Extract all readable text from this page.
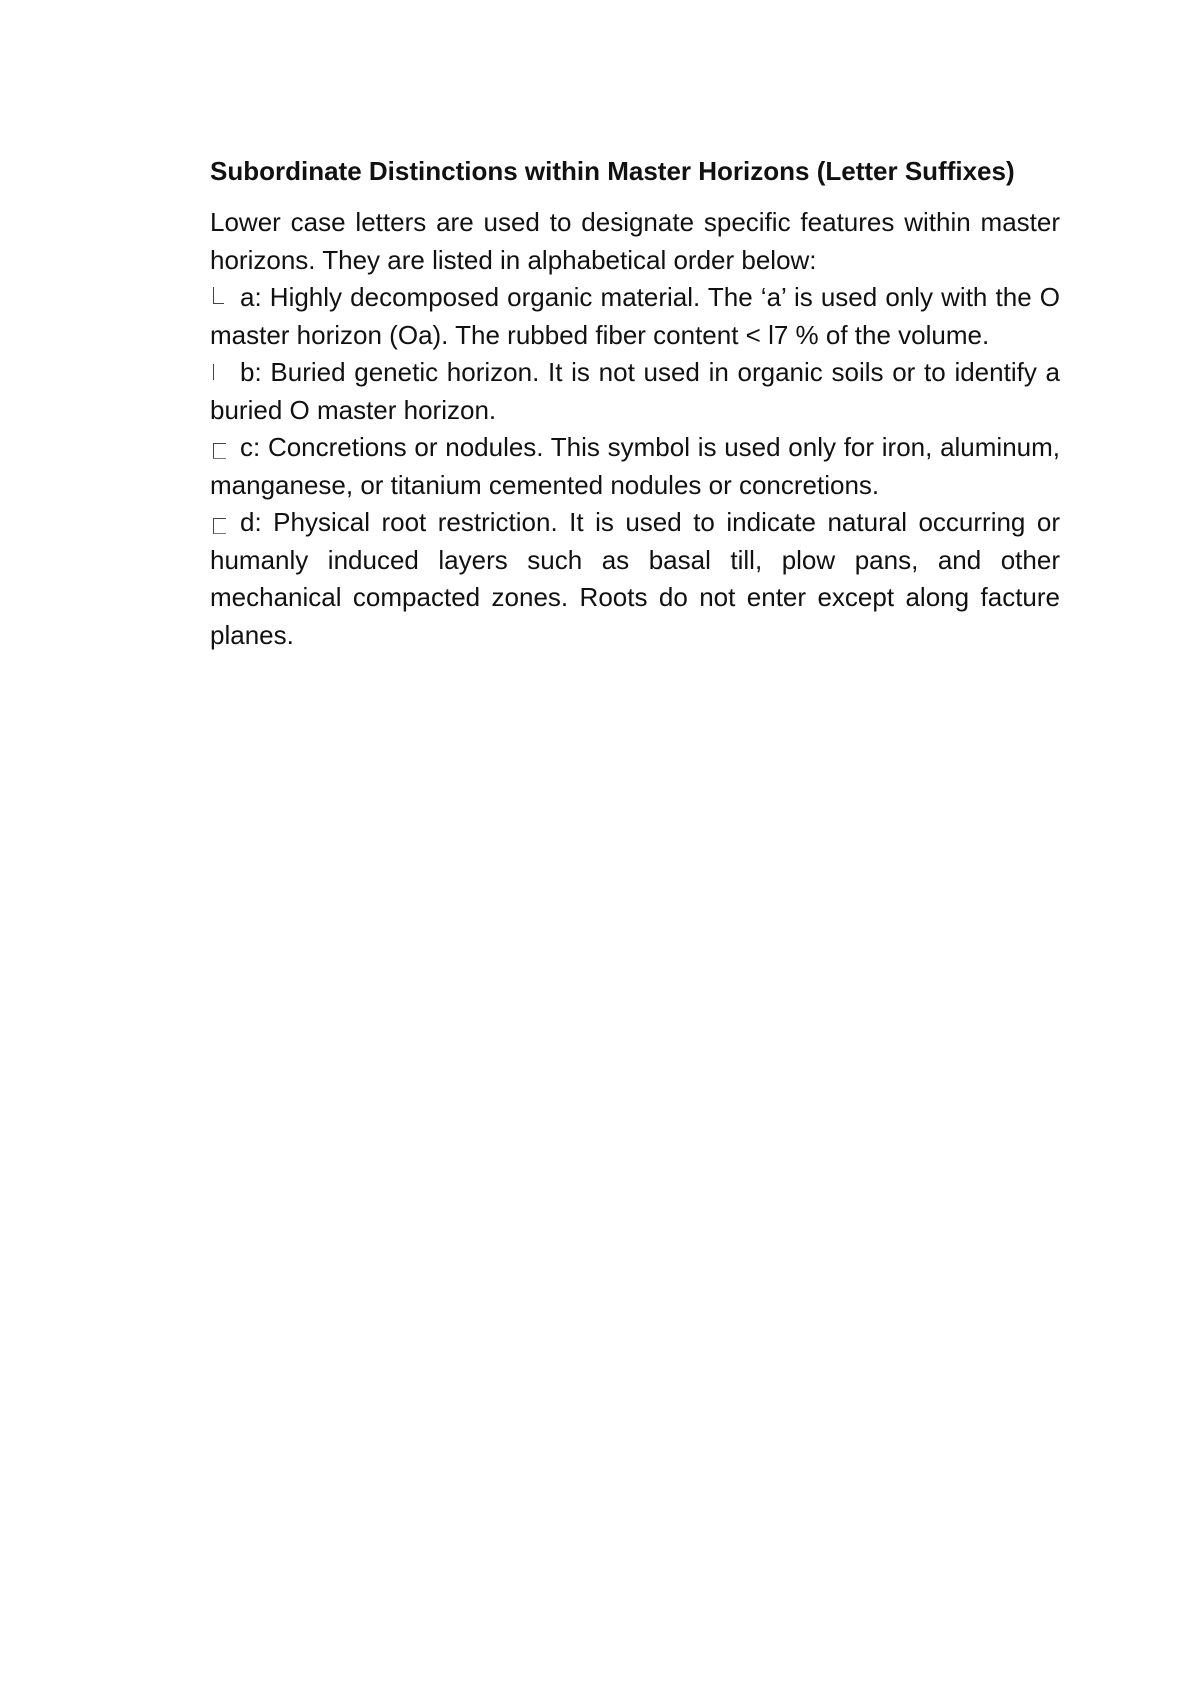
Subordinate Distinctions within Master Horizons (Letter Suffixes)

Lower case letters are used to designate specific features within master horizons. They are listed in alphabetical order below:

a: Highly decomposed organic material. The ‘a’ is used only with the O master horizon (Oa). The rubbed fiber content < l7 % of the volume.
b: Buried genetic horizon. It is not used in organic soils or to identify a buried O master horizon.
c: Concretions or nodules. This symbol is used only for iron, aluminum, manganese, or titanium cemented nodules or concretions.
d: Physical root restriction. It is used to indicate natural occurring or humanly induced layers such as basal till, plow pans, and other mechanical compacted zones. Roots do not enter except along facture planes.
